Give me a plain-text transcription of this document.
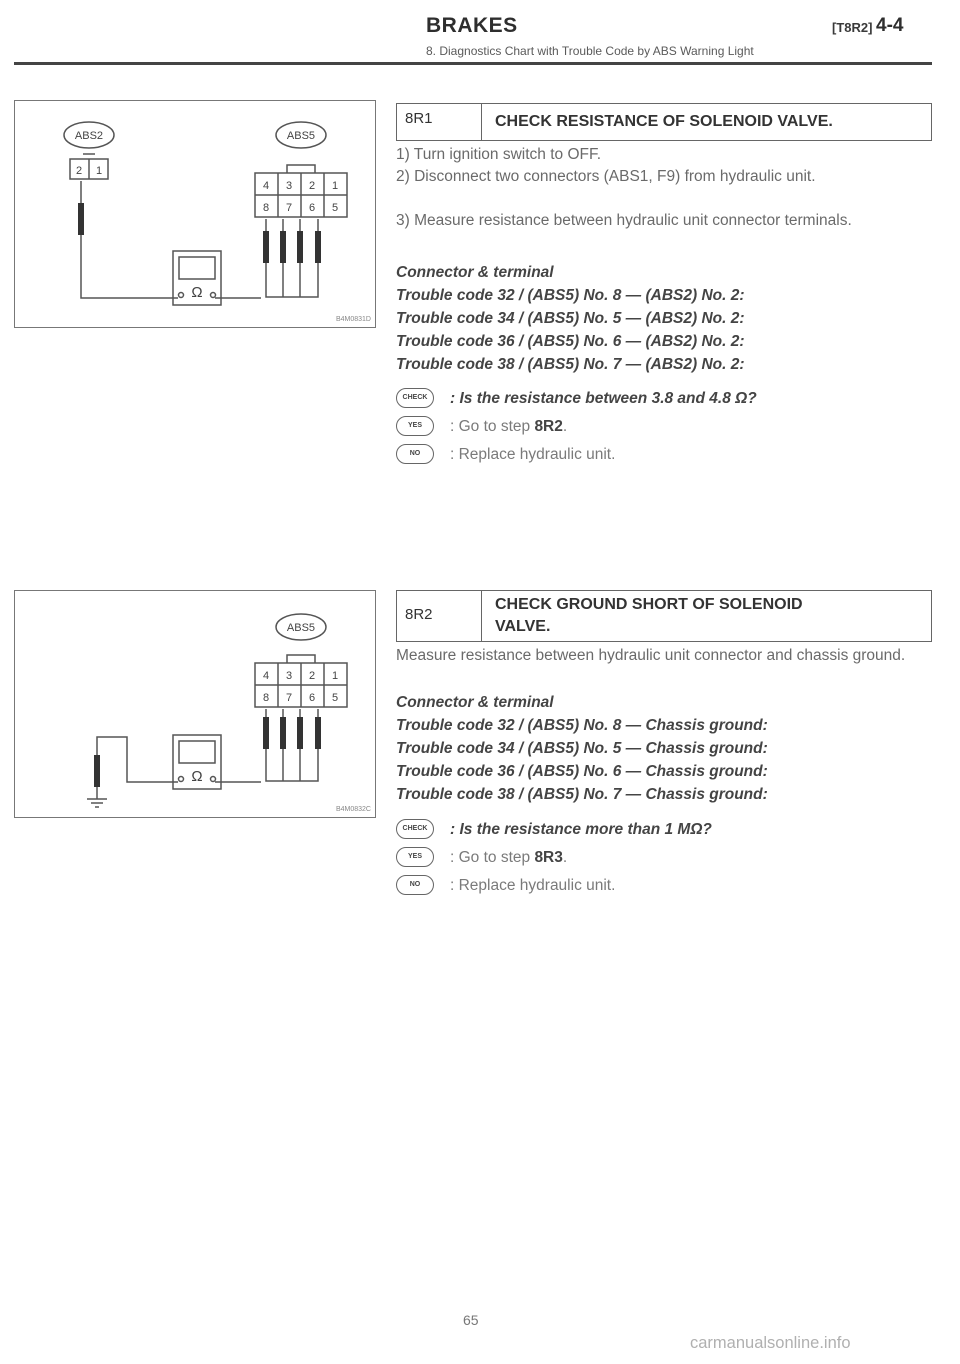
BRAKES	[T8R2] 4-4
8. Diagnostics Chart with Trouble Code by ABS Warning Light
ABS2	ABS5
2 1
4 3 2 1
8 7 6 5
Ω
B4M0831D
ABS5
4 3 2 1
8 7 6 5
Ω
B4M0832C
8R1	CHECK RESISTANCE OF SOLENOID VALVE.

1) Turn ignition switch to OFF.

2) Disconnect two connectors (ABS1, F9) from hydraulic unit.

3) Measure resistance between hydraulic unit connector terminals.

Connector & terminal
Trouble code 32 / (ABS5) No. 8 — (ABS2) No. 2:
Trouble code 34 / (ABS5) No. 5 — (ABS2) No. 2:
Trouble code 36 / (ABS5) No. 6 — (ABS2) No. 2:
Trouble code 38 / (ABS5) No. 7 — (ABS2) No. 2:
CHECK	: Is the resistance between 3.8 and 4.8 Ω?
YES	: Go to step 8R2.
NO	: Replace hydraulic unit.
8R2
CHECK GROUND SHORT OF SOLENOID
VALVE.

Measure resistance between hydraulic unit connector and chassis ground.

Connector & terminal
Trouble code 32 / (ABS5) No. 8 — Chassis ground:
Trouble code 34 / (ABS5) No. 5 — Chassis ground:
Trouble code 36 / (ABS5) No. 6 — Chassis ground:
Trouble code 38 / (ABS5) No. 7 — Chassis ground:
CHECK	: Is the resistance more than 1 MΩ?
YES	: Go to step 8R3.
NO	: Replace hydraulic unit.
65
carmanualsonline.info
